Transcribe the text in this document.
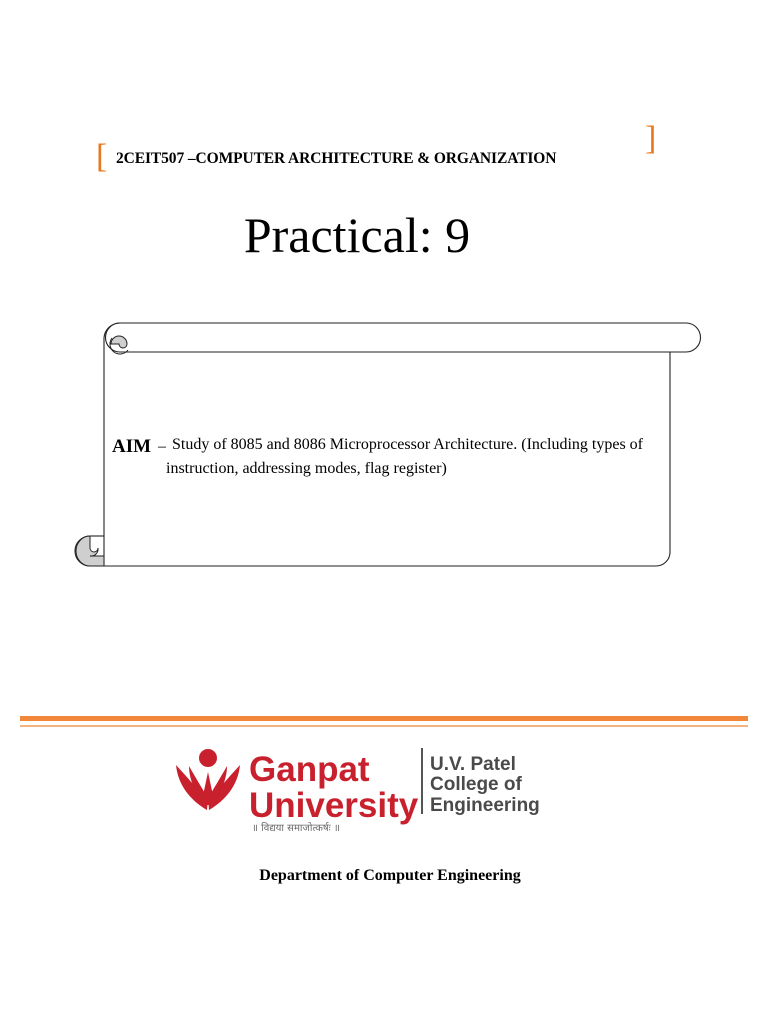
[	]
2CEIT507 –COMPUTER ARCHITECTURE & ORGANIZATION
Practical: 9
AIM – Study of 8085 and 8086 Microprocessor Architecture. (Including types of instruction, addressing modes, flag register)
Ganpat
University
॥ विद्यया समाजोत्कर्षः ॥
U.V. Patel
College of
Engineering
Department of Computer Engineering
